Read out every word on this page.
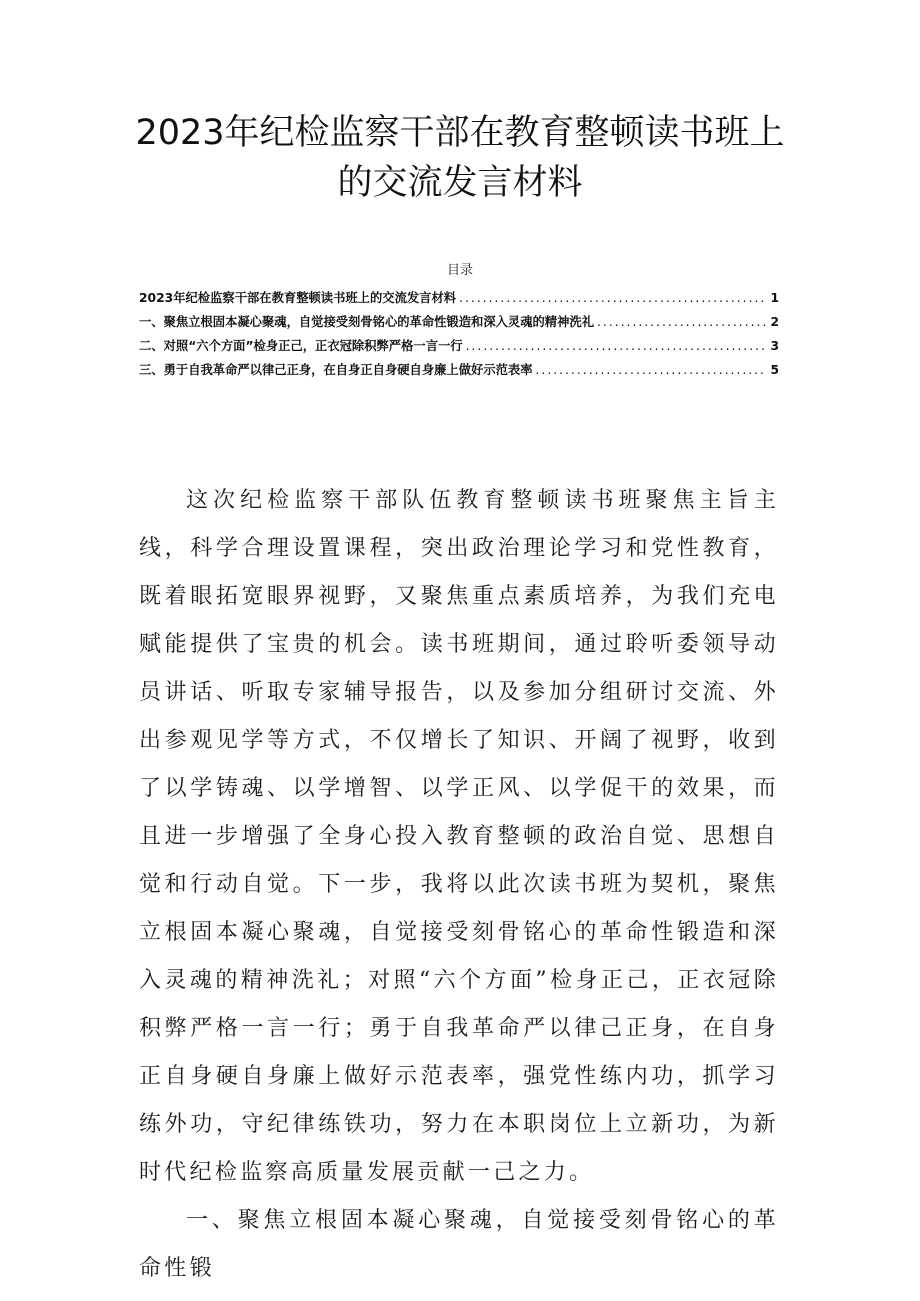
2023年纪检监察干部在教育整顿读书班上
的交流发言材料
目录
2023年纪检监察干部在教育整顿读书班上的交流发言材料 .....	1
一、聚焦立根固本凝心聚魂，自觉接受刻骨铭心的革命性锻造和深入灵魂的精神洗礼 .....	2
二、对照“六个方面”检身正己，正衣冠除积弊严格一言一行 .....	3
三、勇于自我革命严以律己正身，在自身正自身硬自身廉上做好示范表率 .....	5

这次纪检监察干部队伍教育整顿读书班聚焦主旨主线，科学合理设置课程，突出政治理论学习和党性教育，既着眼拓宽眼界视野，又聚焦重点素质培养，为我们充电赋能提供了宝贵的机会。读书班期间，通过聆听委领导动员讲话、听取专家辅导报告，以及参加分组研讨交流、外出参观见学等方式，不仅增长了知识、开阔了视野，收到了以学铸魂、以学增智、以学正风、以学促干的效果，而且进一步增强了全身心投入教育整顿的政治自觉、思想自觉和行动自觉。下一步，我将以此次读书班为契机，聚焦立根固本凝心聚魂，自觉接受刻骨铭心的革命性锻造和深入灵魂的精神洗礼；对照“六个方面”检身正己，正衣冠除积弊严格一言一行；勇于自我革命严以律己正身，在自身正自身硬自身廉上做好示范表率，强党性练内功，抓学习练外功，守纪律练铁功，努力在本职岗位上立新功，为新时代纪检监察高质量发展贡献一己之力。

一、聚焦立根固本凝心聚魂，自觉接受刻骨铭心的革命性锻
